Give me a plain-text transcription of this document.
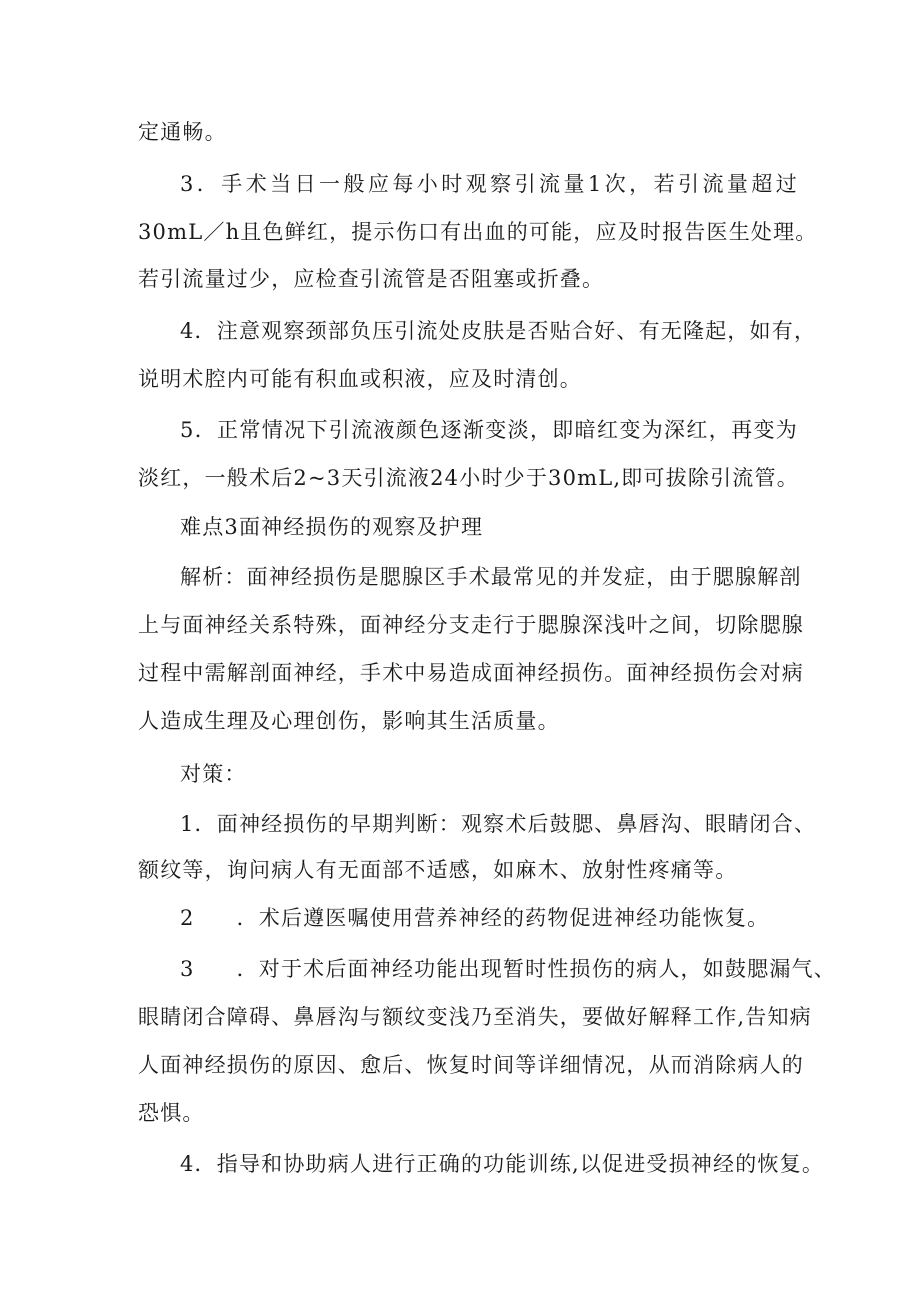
定通畅。
3．手术当日一般应每小时观察引流量1次，若引流量超过
30mL／h且色鲜红，提示伤口有出血的可能，应及时报告医生处理。
若引流量过少，应检查引流管是否阻塞或折叠。
4．注意观察颈部负压引流处皮肤是否贴合好、有无隆起，如有，
说明术腔内可能有积血或积液，应及时清创。
5．正常情况下引流液颜色逐渐变淡，即暗红变为深红，再变为
淡红，一般术后2~3天引流液24小时少于30mL,即可拔除引流管。
难点3面神经损伤的观察及护理
解析：面神经损伤是腮腺区手术最常见的并发症，由于腮腺解剖
上与面神经关系特殊，面神经分支走行于腮腺深浅叶之间，切除腮腺
过程中需解剖面神经，手术中易造成面神经损伤。面神经损伤会对病
人造成生理及心理创伤，影响其生活质量。
对策：
1．面神经损伤的早期判断：观察术后鼓腮、鼻唇沟、眼睛闭合、
额纹等，询问病人有无面部不适感，如麻木、放射性疼痛等。
2 ．术后遵医嘱使用营养神经的药物促进神经功能恢复。
3 ．对于术后面神经功能出现暂时性损伤的病人，如鼓腮漏气、
眼睛闭合障碍、鼻唇沟与额纹变浅乃至消失，要做好解释工作,告知病
人面神经损伤的原因、愈后、恢复时间等详细情况，从而消除病人的
恐惧。
4．指导和协助病人进行正确的功能训练,以促进受损神经的恢复。
